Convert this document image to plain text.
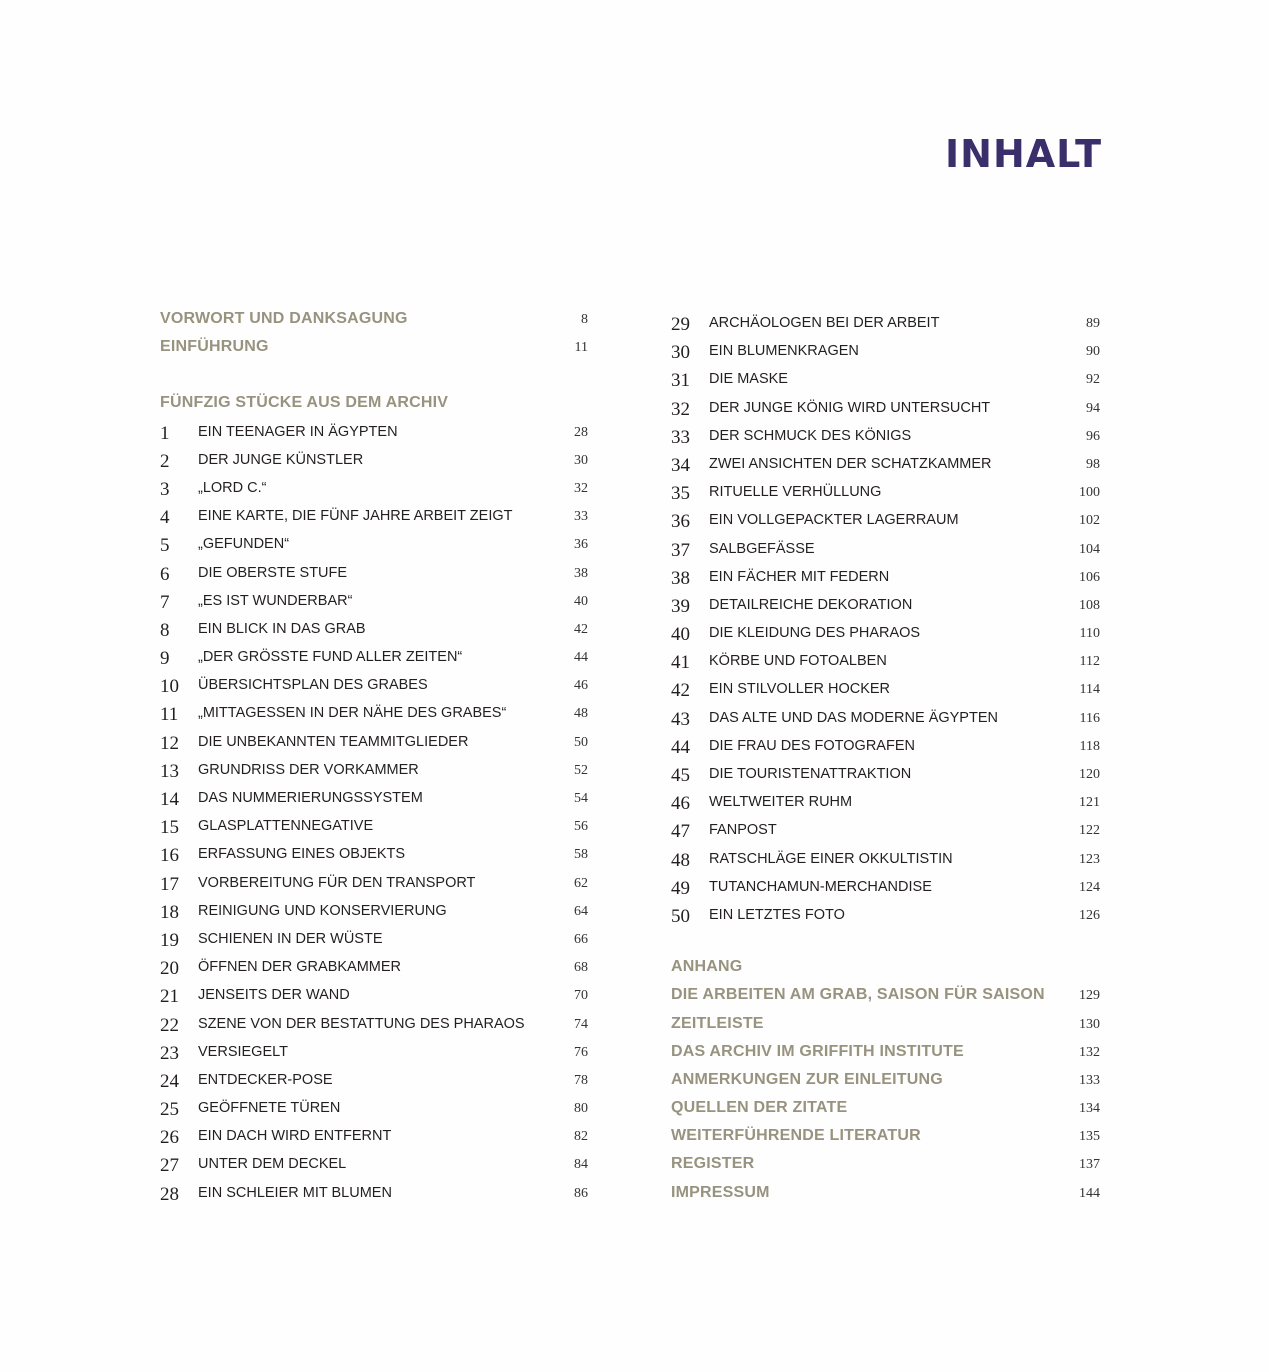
INHALT
VORWORT UND DANKSAGUNG	8
EINFÜHRUNG	11
FÜNFZIG STÜCKE AUS DEM ARCHIV
1 EIN TEENAGER IN ÄGYPTEN	28
2 DER JUNGE KÜNSTLER	30
3 „LORD C.“	32
4 EINE KARTE, DIE FÜNF JAHRE ARBEIT ZEIGT	33
5 „GEFUNDEN“	36
6 DIE OBERSTE STUFE	38
7 „ES IST WUNDERBAR“	40
8 EIN BLICK IN DAS GRAB	42
9 „DER GRÖSSTE FUND ALLER ZEITEN“	44
10 ÜBERSICHTSPLAN DES GRABES	46
11 „MITTAGESSEN IN DER NÄHE DES GRABES“	48
12 DIE UNBEKANNTEN TEAMMITGLIEDER	50
13 GRUNDRISS DER VORKAMMER	52
14 DAS NUMMERIERUNGSSYSTEM	54
15 GLASPLATTENNEGATIVE	56
16 ERFASSUNG EINES OBJEKTS	58
17 VORBEREITUNG FÜR DEN TRANSPORT	62
18 REINIGUNG UND KONSERVIERUNG	64
19 SCHIENEN IN DER WÜSTE	66
20 ÖFFNEN DER GRABKAMMER	68
21 JENSEITS DER WAND	70
22 SZENE VON DER BESTATTUNG DES PHARAOS	74
23 VERSIEGELT	76
24 ENTDECKER-POSE	78
25 GEÖFFNETE TÜREN	80
26 EIN DACH WIRD ENTFERNT	82
27 UNTER DEM DECKEL	84
28 EIN SCHLEIER MIT BLUMEN	86
29 ARCHÄOLOGEN BEI DER ARBEIT	89
30 EIN BLUMENKRAGEN	90
31 DIE MASKE	92
32 DER JUNGE KÖNIG WIRD UNTERSUCHT	94
33 DER SCHMUCK DES KÖNIGS	96
34 ZWEI ANSICHTEN DER SCHATZKAMMER	98
35 RITUELLE VERHÜLLUNG	100
36 EIN VOLLGEPACKTER LAGERRAUM	102
37 SALBGEFÄSSE	104
38 EIN FÄCHER MIT FEDERN	106
39 DETAILREICHE DEKORATION	108
40 DIE KLEIDUNG DES PHARAOS	110
41 KÖRBE UND FOTOALBEN	112
42 EIN STILVOLLER HOCKER	114
43 DAS ALTE UND DAS MODERNE ÄGYPTEN	116
44 DIE FRAU DES FOTOGRAFEN	118
45 DIE TOURISTENATTRAKTION	120
46 WELTWEITER RUHM	121
47 FANPOST	122
48 RATSCHLÄGE EINER OKKULTISTIN	123
49 TUTANCHAMUN-MERCHANDISE	124
50 EIN LETZTES FOTO	126
ANHANG
DIE ARBEITEN AM GRAB, SAISON FÜR SAISON 129
ZEITLEISTE	130
DAS ARCHIV IM GRIFFITH INSTITUTE	132
ANMERKUNGEN ZUR EINLEITUNG	133
QUELLEN DER ZITATE	134
WEITERFÜHRENDE LITERATUR	135
REGISTER	137
IMPRESSUM	144
